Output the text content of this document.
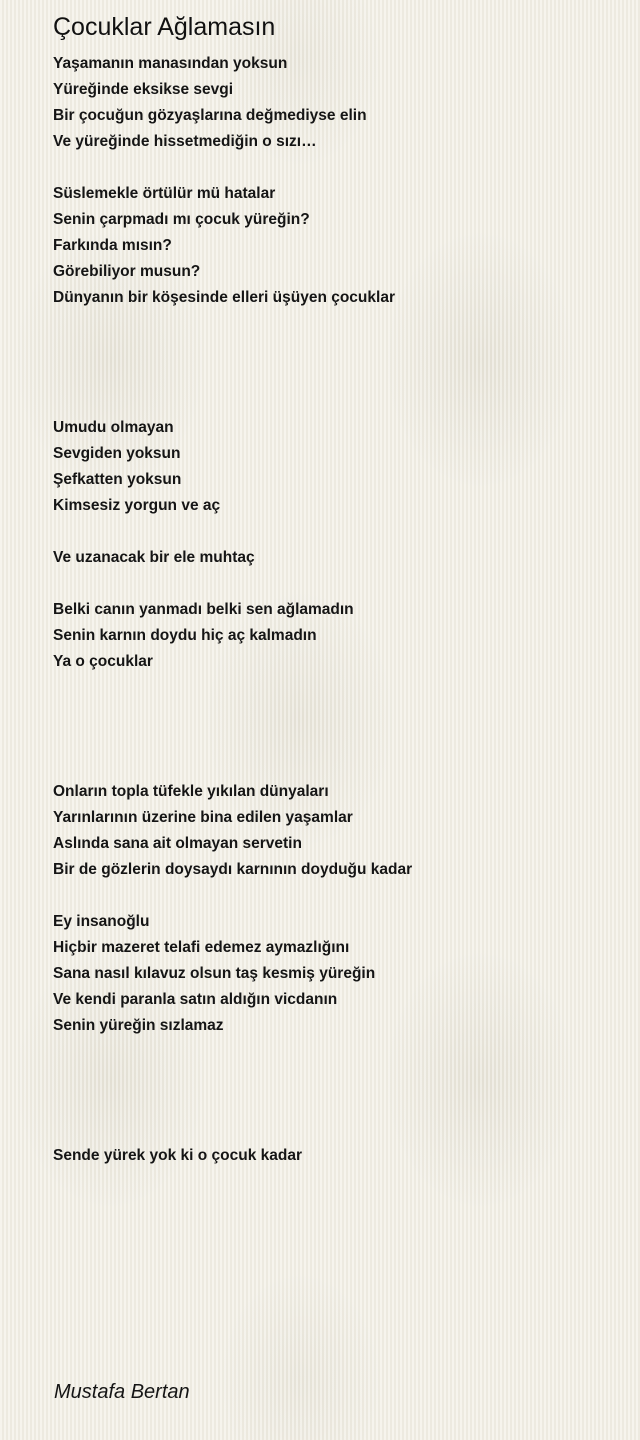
Çocuklar Ağlamasın
Yaşamanın manasından yoksun
Yüreğinde eksikse sevgi
Bir çocuğun gözyaşlarına değmediyse elin
Ve yüreğinde hissetmediğin o sızı…
Süslemekle örtülür mü hatalar
Senin çarpmadı mı çocuk yüreğin?
Farkında mısın?
Görebiliyor musun?
Dünyanın bir köşesinde elleri üşüyen çocuklar
Umudu olmayan
Sevgiden yoksun
Şefkatten yoksun
Kimsesiz yorgun ve aç
Ve uzanacak bir ele muhtaç
Belki canın yanmadı belki sen ağlamadın
Senin karnın doydu hiç aç kalmadın
Ya o çocuklar
Onların topla tüfekle yıkılan dünyaları
Yarınlarının üzerine bina edilen yaşamlar
Aslında sana ait olmayan servetin
Bir de gözlerin doysaydı karnının doyduğu kadar
Ey insanoğlu
Hiçbir mazeret telafi edemez aymazlığını
Sana nasıl kılavuz olsun taş kesmiş yüreğin
Ve kendi paranla satın aldığın vicdanın
Senin yüreğin sızlamaz
Sende yürek yok ki o çocuk kadar
Mustafa Bertan
